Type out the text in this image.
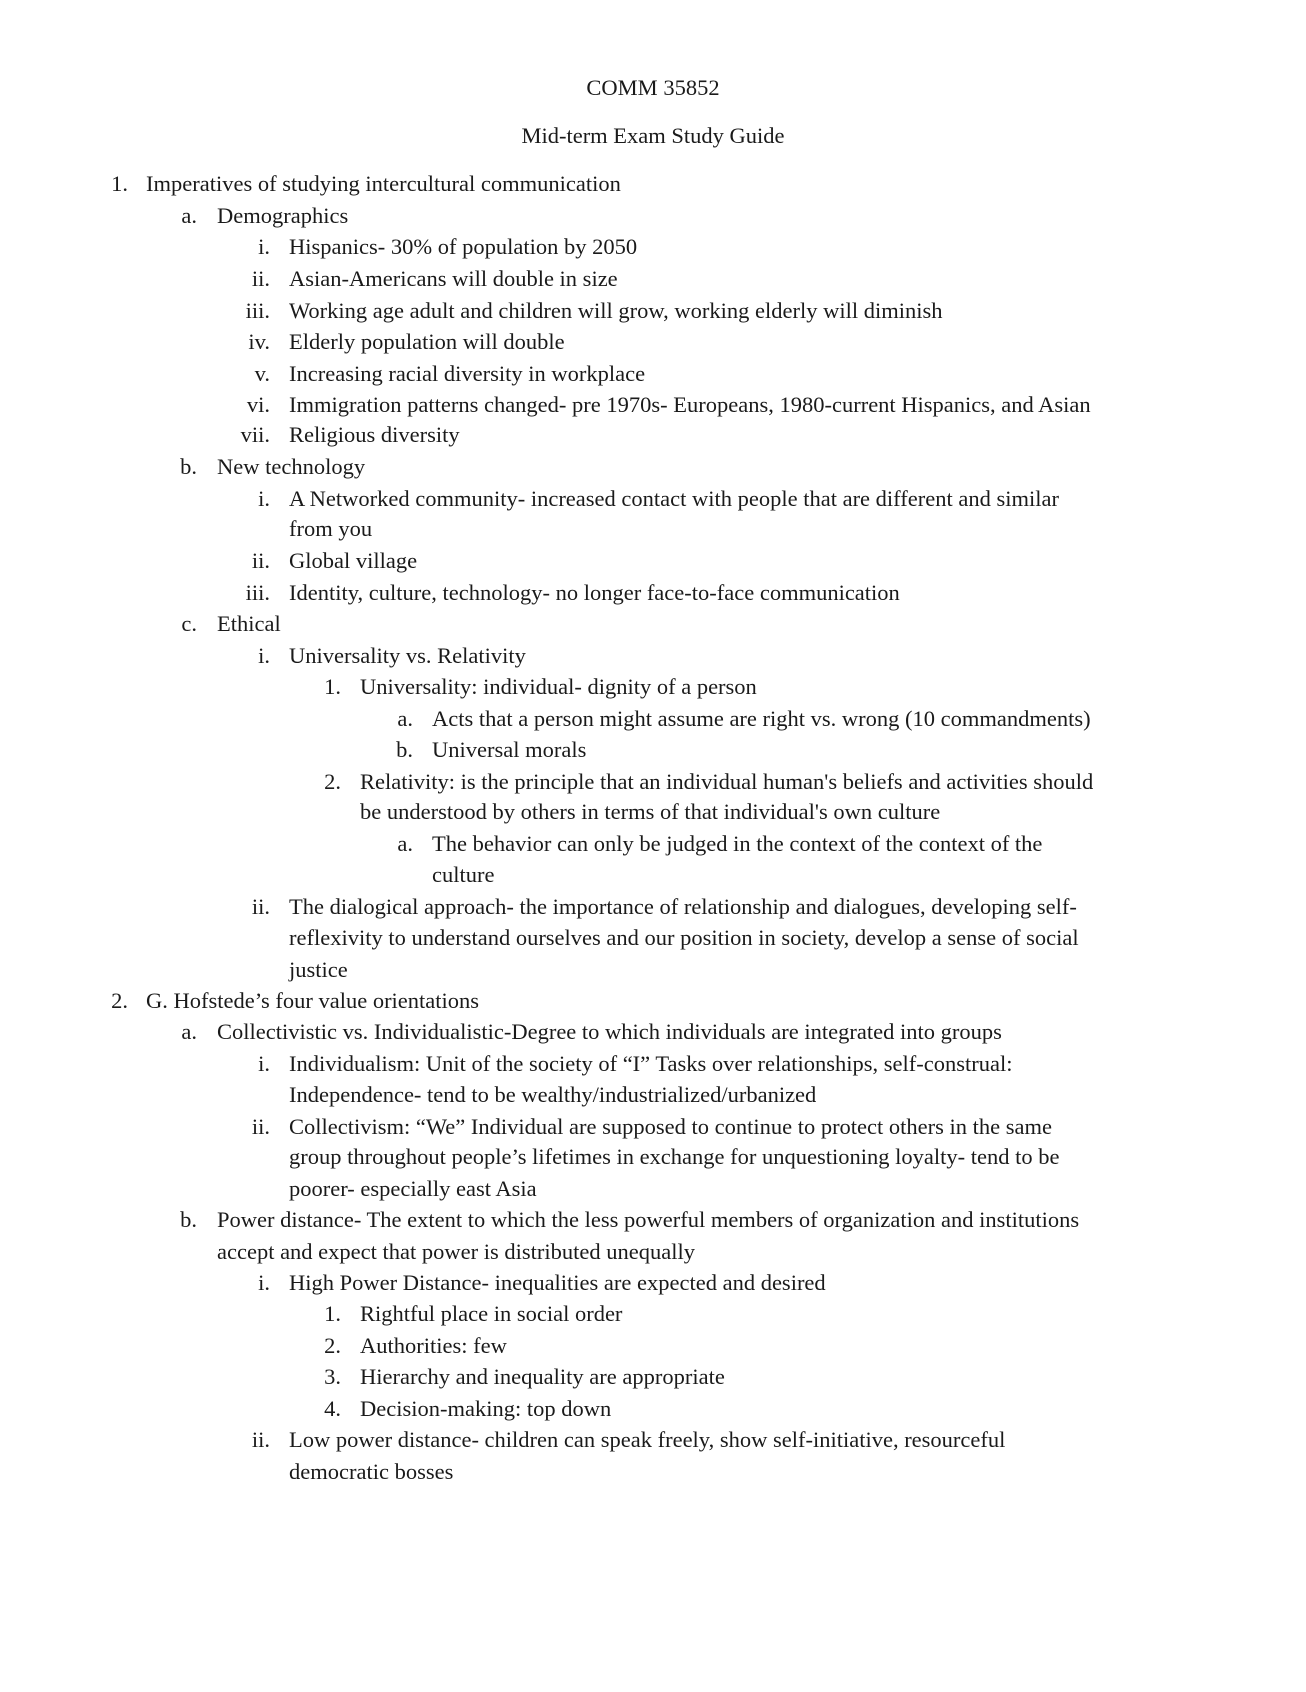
COMM 35852
Mid-term Exam Study Guide
1. Imperatives of studying intercultural communication
a. Demographics
i. Hispanics- 30% of population by 2050
ii. Asian-Americans will double in size
iii. Working age adult and children will grow, working elderly will diminish
iv. Elderly population will double
v. Increasing racial diversity in workplace
vi. Immigration patterns changed- pre 1970s- Europeans, 1980-current Hispanics, and Asian
vii. Religious diversity
b. New technology
i. A Networked community- increased contact with people that are different and similar
from you
ii. Global village
iii. Identity, culture, technology- no longer face-to-face communication
c. Ethical
i. Universality vs. Relativity
1. Universality: individual- dignity of a person
a. Acts that a person might assume are right vs. wrong (10 commandments)
b. Universal morals
2. Relativity: is the principle that an individual human's beliefs and activities should
be understood by others in terms of that individual's own culture
a. The behavior can only be judged in the context of the context of the
culture
ii. The dialogical approach- the importance of relationship and dialogues, developing self-
reflexivity to understand ourselves and our position in society, develop a sense of social
justice
2. G. Hofstede’s four value orientations
a. Collectivistic vs. Individualistic-Degree to which individuals are integrated into groups
i. Individualism: Unit of the society of “I” Tasks over relationships, self-construal:
Independence- tend to be wealthy/industrialized/urbanized
ii. Collectivism: “We” Individual are supposed to continue to protect others in the same
group throughout people’s lifetimes in exchange for unquestioning loyalty- tend to be
poorer- especially east Asia
b. Power distance- The extent to which the less powerful members of organization and institutions
accept and expect that power is distributed unequally
i. High Power Distance- inequalities are expected and desired
1. Rightful place in social order
2. Authorities: few
3. Hierarchy and inequality are appropriate
4. Decision-making: top down
ii. Low power distance- children can speak freely, show self-initiative, resourceful
democratic bosses
